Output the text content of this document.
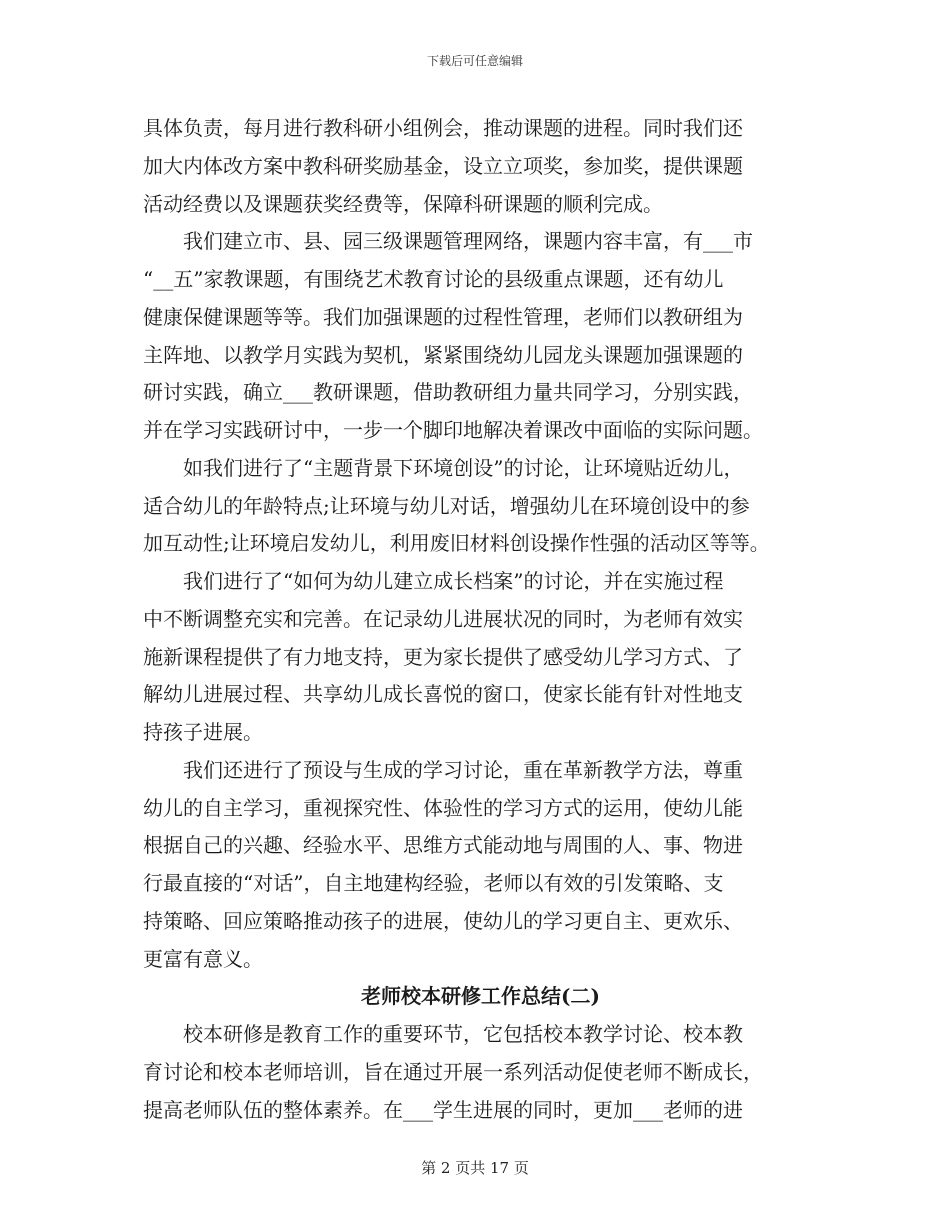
下载后可任意编辑
具体负责，每月进行教科研小组例会，推动课题的进程。同时我们还
加大内体改方案中教科研奖励基金，设立立项奖，参加奖，提供课题
活动经费以及课题获奖经费等，保障科研课题的顺利完成。
我们建立市、县、园三级课题管理网络，课题内容丰富，有___市
“__五”家教课题，有围绕艺术教育讨论的县级重点课题，还有幼儿
健康保健课题等等。我们加强课题的过程性管理，老师们以教研组为
主阵地、以教学月实践为契机，紧紧围绕幼儿园龙头课题加强课题的
研讨实践，确立___教研课题，借助教研组力量共同学习，分别实践，
并在学习实践研讨中，一步一个脚印地解决着课改中面临的实际问题。
如我们进行了“主题背景下环境创设”的讨论，让环境贴近幼儿，
适合幼儿的年龄特点;让环境与幼儿对话，增强幼儿在环境创设中的参
加互动性;让环境启发幼儿，利用废旧材料创设操作性强的活动区等等。
我们进行了“如何为幼儿建立成长档案”的讨论，并在实施过程
中不断调整充实和完善。在记录幼儿进展状况的同时，为老师有效实
施新课程提供了有力地支持，更为家长提供了感受幼儿学习方式、了
解幼儿进展过程、共享幼儿成长喜悦的窗口，使家长能有针对性地支
持孩子进展。
我们还进行了预设与生成的学习讨论，重在革新教学方法，尊重
幼儿的自主学习，重视探究性、体验性的学习方式的运用，使幼儿能
根据自己的兴趣、经验水平、思维方式能动地与周围的人、事、物进
行最直接的“对话”，自主地建构经验，老师以有效的引发策略、支
持策略、回应策略推动孩子的进展，使幼儿的学习更自主、更欢乐、
更富有意义。
老师校本研修工作总结(二)
校本研修是教育工作的重要环节，它包括校本教学讨论、校本教
育讨论和校本老师培训，旨在通过开展一系列活动促使老师不断成长，
提高老师队伍的整体素养。在___学生进展的同时，更加___老师的进
第 2 页共 17 页
